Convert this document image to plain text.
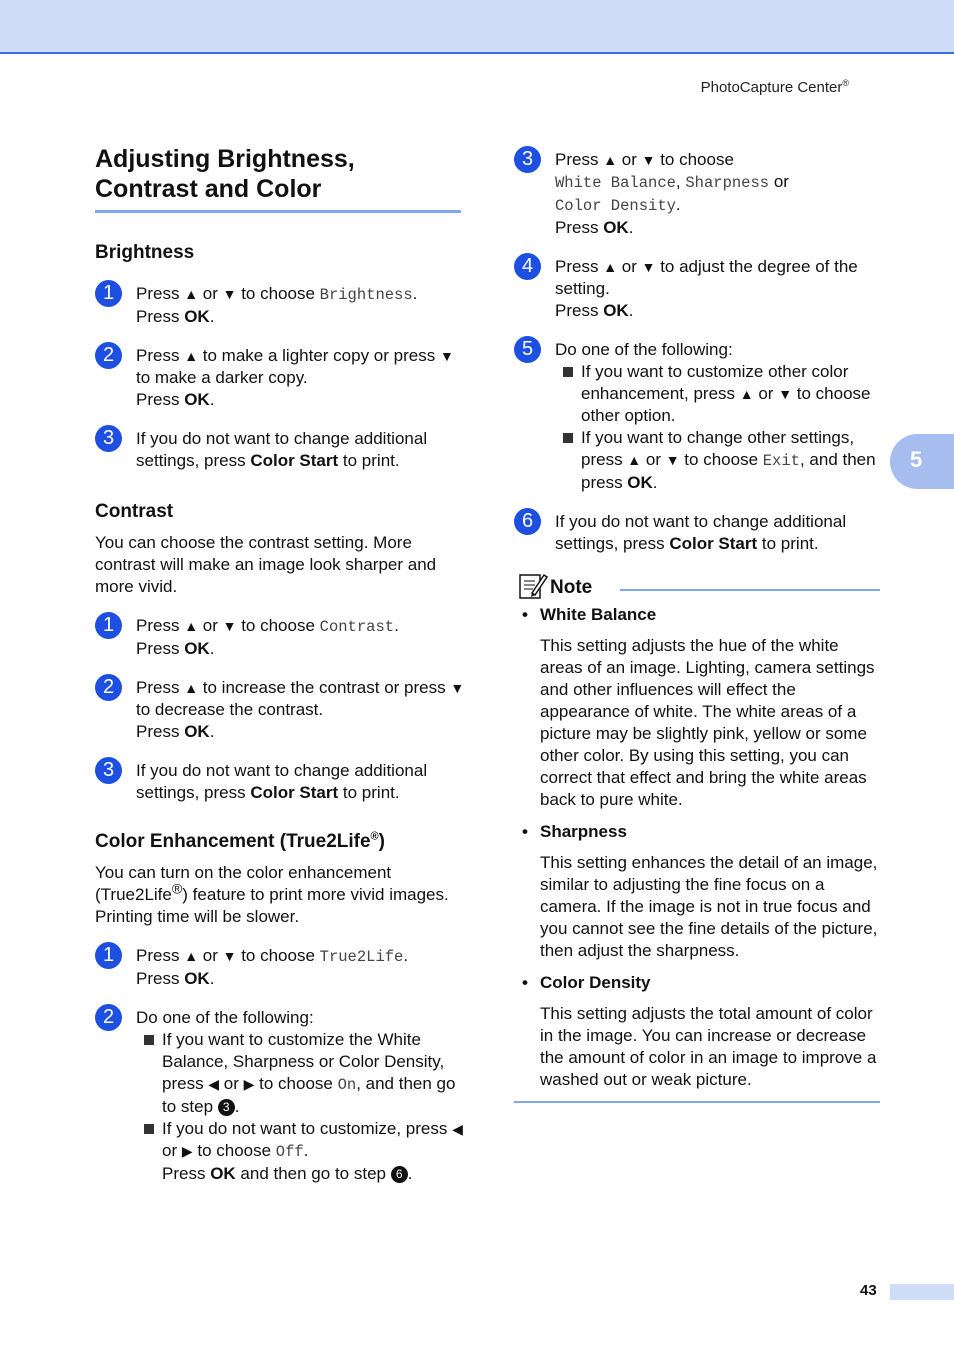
PhotoCapture Center®
5
43
Adjusting Brightness,
Contrast and Color
Brightness
1	Press ▲ or ▼ to choose Brightness.
Press OK.
2	Press ▲ to make a lighter copy or press ▼ to make a darker copy.
Press OK.
3	If you do not want to change additional settings, press Color Start to print.
Contrast

You can choose the contrast setting. More contrast will make an image look sharper and more vivid.

1	Press ▲ or ▼ to choose Contrast.
Press OK.
2	Press ▲ to increase the contrast or press ▼ to decrease the contrast.
Press OK.
3	If you do not want to change additional settings, press Color Start to print.
Color Enhancement (True2Life®)

You can turn on the color enhancement (True2Life®) feature to print more vivid images. Printing time will be slower.

1	Press ▲ or ▼ to choose True2Life.
Press OK.
2	Do one of the following:
If you want to customize the White Balance, Sharpness or Color Density, press ◀ or ▶ to choose On, and then go to step 3 .
If you do not want to customize, press ◀ or ▶ to choose Off.
Press OK and then go to step 6 .
3	Press ▲ or ▼ to choose
White Balance, Sharpness or
Color Density.
Press OK.
4	Press ▲ or ▼ to adjust the degree of the setting.
Press OK.
5	Do one of the following:
If you want to customize other color enhancement, press ▲ or ▼ to choose other option.
If you want to change other settings, press ▲ or ▼ to choose Exit, and then press OK.
6	If you do not want to change additional settings, press Color Start to print.
Note
• White Balance
This setting adjusts the hue of the white areas of an image. Lighting, camera settings and other influences will effect the appearance of white. The white areas of a picture may be slightly pink, yellow or some other color. By using this setting, you can correct that effect and bring the white areas back to pure white.
• Sharpness
This setting enhances the detail of an image, similar to adjusting the fine focus on a camera. If the image is not in true focus and you cannot see the fine details of the picture, then adjust the sharpness.
• Color Density
This setting adjusts the total amount of color in the image. You can increase or decrease the amount of color in an image to improve a washed out or weak picture.
